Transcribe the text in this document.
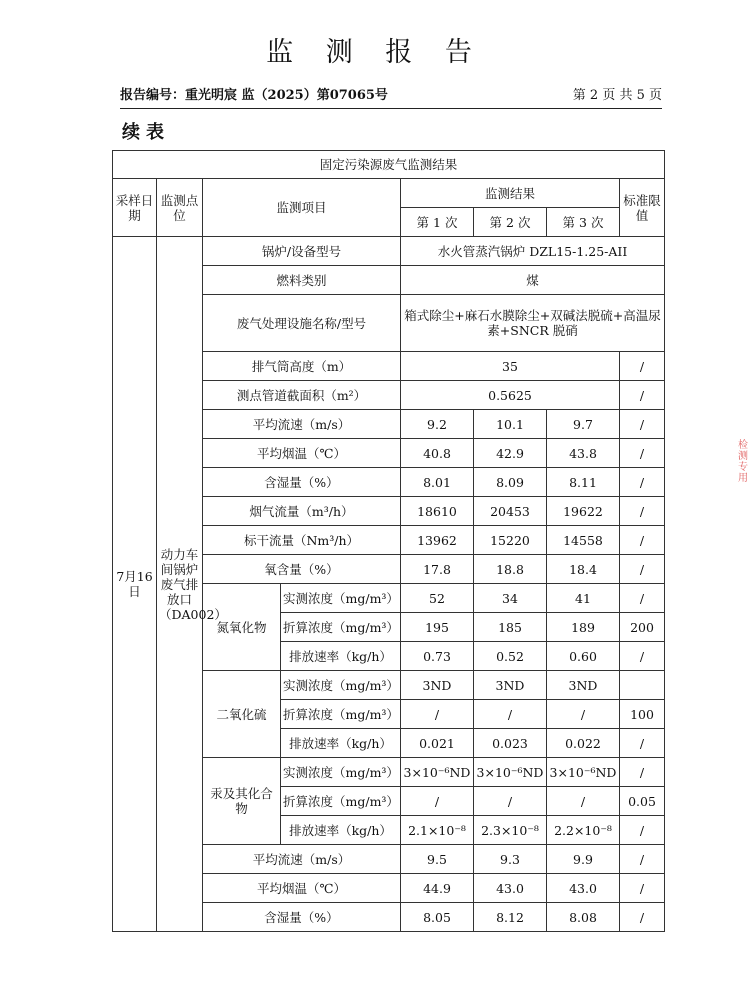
监 测 报 告
报告编号：重光明宸 监（2025）第07065号	第 2 页 共 5 页
续表
固定污染源废气监测结果							
采样日期	监测点位	监测项目		监测结果			标准限值
				第 1 次	第 2 次	第 3 次	
7月16日	动力车间锅炉废气排放口（DA002）	锅炉/设备型号		水火管蒸汽锅炉 DZL15-1.25-AII			
		燃料类别		煤			
		废气处理设施名称/型号		箱式除尘+麻石水膜除尘+双碱法脱硫+高温尿素+SNCR 脱硝			
		排气筒高度（m）		35			/
		测点管道截面积（m²）		0.5625			/
		平均流速（m/s）		9.2	10.1	9.7	/
		平均烟温（℃）		40.8	42.9	43.8	/
		含湿量（%）		8.01	8.09	8.11	/
		烟气流量（m³/h）		18610	20453	19622	/
		标干流量（Nm³/h）		13962	15220	14558	/
		氧含量（%）		17.8	18.8	18.4	/
		氮氧化物	实测浓度（mg/m³）	52	34	41	/
			折算浓度（mg/m³）	195	185	189	200
			排放速率（kg/h）	0.73	0.52	0.60	/
		二氧化硫	实测浓度（mg/m³）	3ND	3ND	3ND	
			折算浓度（mg/m³）	/	/	/	100
			排放速率（kg/h）	0.021	0.023	0.022	/
		汞及其化合物	实测浓度（mg/m³）	3×10⁻⁶ND	3×10⁻⁶ND	3×10⁻⁶ND	/
			折算浓度（mg/m³）	/	/	/	0.05
			排放速率（kg/h）	2.1×10⁻⁸	2.3×10⁻⁸	2.2×10⁻⁸	/
		平均流速（m/s）		9.5	9.3	9.9	/
		平均烟温（℃）		44.9	43.0	43.0	/
		含湿量（%）		8.05	8.12	8.08	/
检
测
专
用
